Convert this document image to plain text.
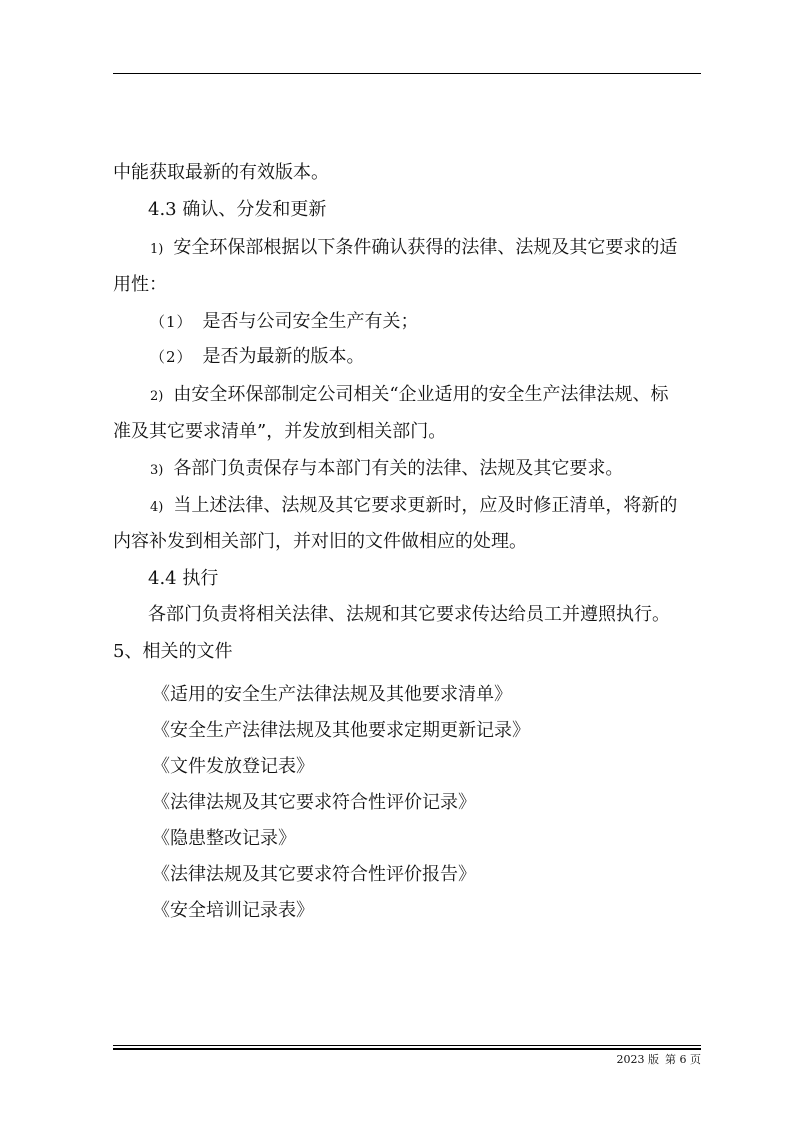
中能获取最新的有效版本。
4.3 确认、分发和更新
1) 安全环保部根据以下条件确认获得的法律、法规及其它要求的适
用性：
（1） 是否与公司安全生产有关；
（2） 是否为最新的版本。
2) 由安全环保部制定公司相关“企业适用的安全生产法律法规、标
准及其它要求清单”，并发放到相关部门。
3) 各部门负责保存与本部门有关的法律、法规及其它要求。
4) 当上述法律、法规及其它要求更新时，应及时修正清单，将新的
内容补发到相关部门，并对旧的文件做相应的处理。
4.4 执行
各部门负责将相关法律、法规和其它要求传达给员工并遵照执行。
5、相关的文件
《适用的安全生产法律法规及其他要求清单》
《安全生产法律法规及其他要求定期更新记录》
《文件发放登记表》
《法律法规及其它要求符合性评价记录》
《隐患整改记录》
《法律法规及其它要求符合性评价报告》
《安全培训记录表》
2023 版 第 6 页
